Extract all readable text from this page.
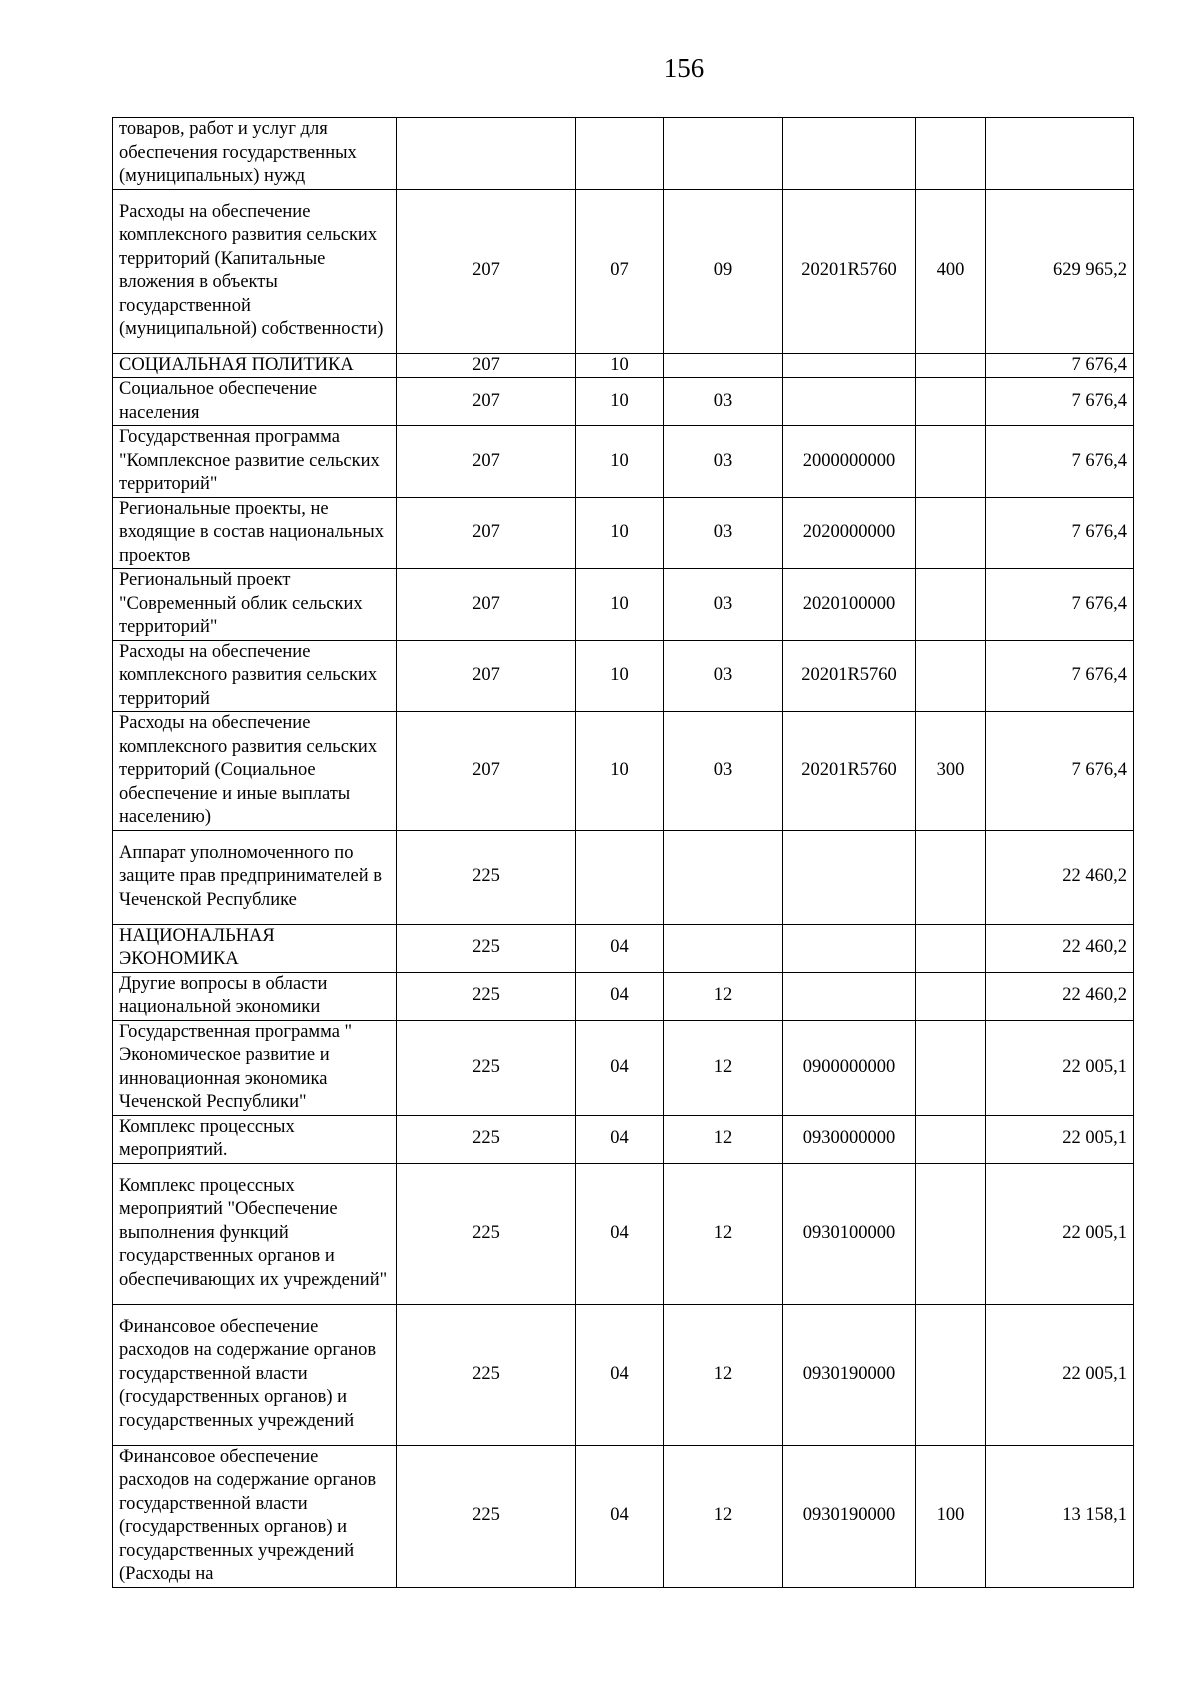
156
товаров, работ и услуг для обеспечения государственных (муниципальных) нужд						
Расходы на обеспечение комплексного развития сельских территорий (Капитальные вложения в объекты государственной (муниципальной) собственности)	207	07	09	20201R5760	400	629 965,2
СОЦИАЛЬНАЯ ПОЛИТИКА	207	10				7 676,4
Социальное обеспечение населения	207	10	03			7 676,4
Государственная программа "Комплексное развитие сельских территорий"	207	10	03	2000000000		7 676,4
Региональные проекты, не входящие в состав национальных проектов	207	10	03	2020000000		7 676,4
Региональный проект "Современный облик сельских территорий"	207	10	03	2020100000		7 676,4
Расходы на обеспечение комплексного развития сельских территорий	207	10	03	20201R5760		7 676,4
Расходы на обеспечение комплексного развития сельских территорий (Социальное обеспечение и иные выплаты населению)	207	10	03	20201R5760	300	7 676,4
Аппарат уполномоченного по защите прав предпринимателей в Чеченской Республике	225					22 460,2
НАЦИОНАЛЬНАЯ ЭКОНОМИКА	225	04				22 460,2
Другие вопросы в области национальной экономики	225	04	12			22 460,2
Государственная программа " Экономическое развитие и инновационная экономика Чеченской Республики"	225	04	12	0900000000		22 005,1
Комплекс процессных мероприятий.	225	04	12	0930000000		22 005,1
Комплекс процессных мероприятий "Обеспечение выполнения функций государственных органов и обеспечивающих их учреждений"	225	04	12	0930100000		22 005,1
Финансовое обеспечение расходов на содержание органов государственной власти (государственных органов) и государственных учреждений	225	04	12	0930190000		22 005,1
Финансовое обеспечение расходов на содержание органов государственной власти (государственных органов) и государственных учреждений (Расходы на	225	04	12	0930190000	100	13 158,1
